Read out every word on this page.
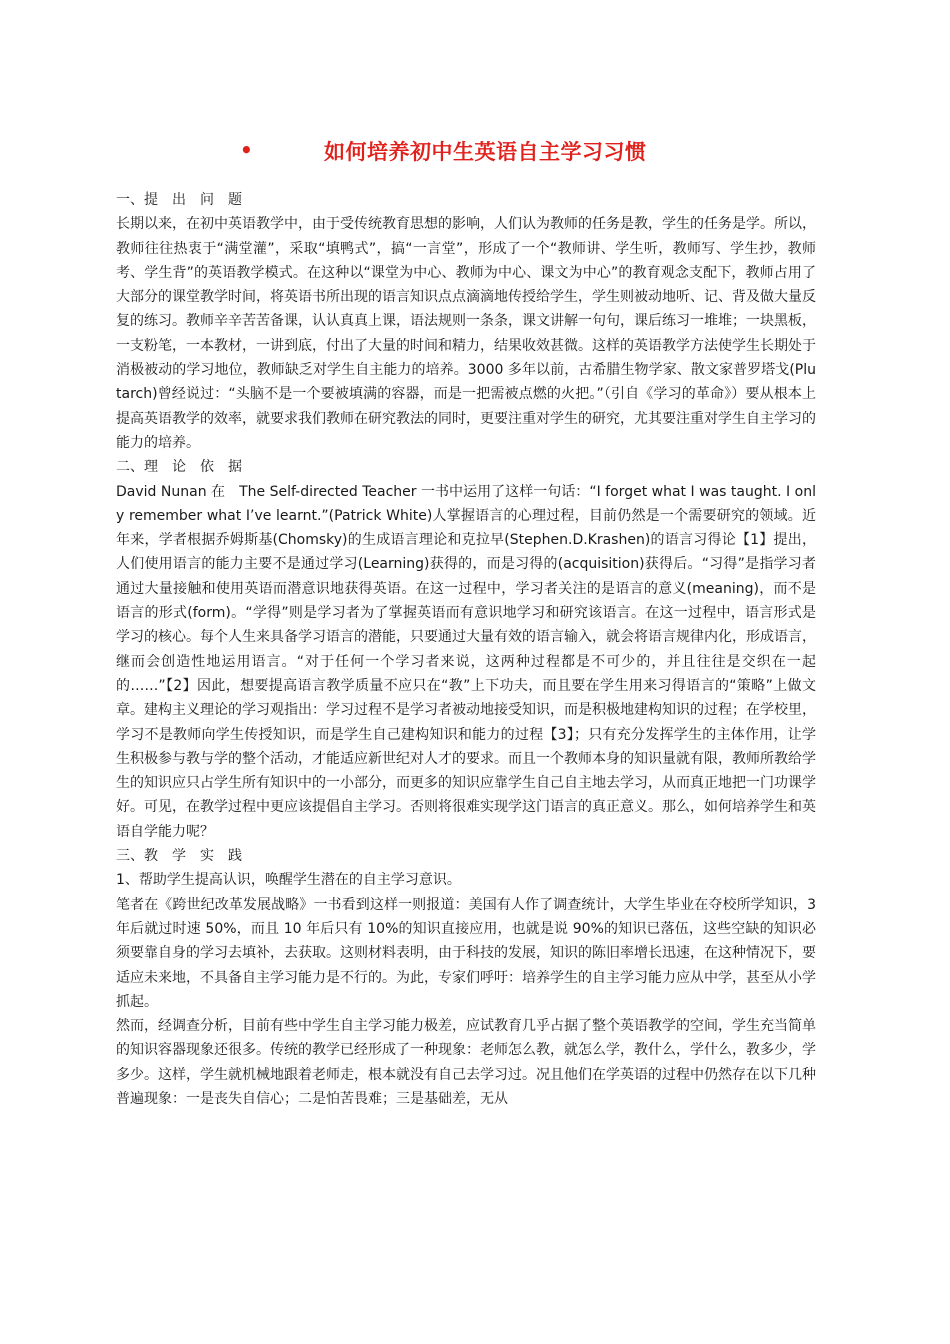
•	如何培养初中生英语自主学习习惯

一、提　出　问　题

长期以来，在初中英语教学中，由于受传统教育思想的影响，人们认为教师的任务是教，学生的任务是学。所以，教师往往热衷于“满堂灌”，采取“填鸭式”，搞“一言堂”，形成了一个“教师讲、学生听，教师写、学生抄，教师考、学生背”的英语教学模式。在这种以“课堂为中心、教师为中心、课文为中心”的教育观念支配下，教师占用了大部分的课堂教学时间，将英语书所出现的语言知识点点滴滴地传授给学生，学生则被动地听、记、背及做大量反复的练习。教师辛辛苦苦备课，认认真真上课，语法规则一条条，课文讲解一句句，课后练习一堆堆；一块黑板，一支粉笔，一本教材，一讲到底，付出了大量的时间和精力，结果收效甚微。这样的英语教学方法使学生长期处于消极被动的学习地位，教师缺乏对学生自主能力的培养。3000 多年以前，古希腊生物学家、散文家普罗塔戈(Plutarch)曾经说过：“头脑不是一个要被填满的容器，而是一把需被点燃的火把。”（引自《学习的革命》）要从根本上提高英语教学的效率，就要求我们教师在研究教法的同时，更要注重对学生的研究，尤其要注重对学生自主学习的能力的培养。

二、理　论　依　据

David Nunan 在　The Self-directed Teacher 一书中运用了这样一句话：“I forget what I was taught. I only remember what I’ve learnt.”(Patrick White)人掌握语言的心理过程，目前仍然是一个需要研究的领域。近年来，学者根据乔姆斯基(Chomsky)的生成语言理论和克拉早(Stephen.D.Krashen)的语言习得论【1】提出，人们使用语言的能力主要不是通过学习(Learning)获得的，而是习得的(acquisition)获得后。“习得”是指学习者通过大量接触和使用英语而潜意识地获得英语。在这一过程中，学习者关注的是语言的意义(meaning)，而不是语言的形式(form)。“学得”则是学习者为了掌握英语而有意识地学习和研究该语言。在这一过程中，语言形式是学习的核心。每个人生来具备学习语言的潜能，只要通过大量有效的语言输入，就会将语言规律内化，形成语言，继而会创造性地运用语言。“对于任何一个学习者来说，这两种过程都是不可少的，并且往往是交织在一起的……”【2】因此，想要提高语言教学质量不应只在“教”上下功夫，而且要在学生用来习得语言的“策略”上做文章。建构主义理论的学习观指出：学习过程不是学习者被动地接受知识，而是积极地建构知识的过程；在学校里，学习不是教师向学生传授知识，而是学生自己建构知识和能力的过程【3】；只有充分发挥学生的主体作用，让学生积极参与教与学的整个活动，才能适应新世纪对人才的要求。而且一个教师本身的知识量就有限，教师所教给学生的知识应只占学生所有知识中的一小部分，而更多的知识应靠学生自己自主地去学习，从而真正地把一门功课学好。可见，在教学过程中更应该提倡自主学习。否则将很难实现学这门语言的真正意义。那么，如何培养学生和英语自学能力呢？

三、教　学　实　践

1、帮助学生提高认识，唤醒学生潜在的自主学习意识。

笔者在《跨世纪改革发展战略》一书看到这样一则报道：美国有人作了调查统计，大学生毕业在夺校所学知识，3 年后就过时速 50%，而且 10 年后只有 10%的知识直接应用，也就是说 90%的知识已落伍，这些空缺的知识必须要靠自身的学习去填补，去获取。这则材料表明，由于科技的发展，知识的陈旧率增长迅速，在这种情况下，要适应未来地，不具备自主学习能力是不行的。为此，专家们呼吁：培养学生的自主学习能力应从中学，甚至从小学抓起。

然而，经调查分析，目前有些中学生自主学习能力极差，应试教育几乎占据了整个英语教学的空间，学生充当简单的知识容器现象还很多。传统的教学已经形成了一种现象：老师怎么教，就怎么学，教什么，学什么，教多少，学多少。这样，学生就机械地跟着老师走，根本就没有自己去学习过。况且他们在学英语的过程中仍然存在以下几种普遍现象：一是丧失自信心；二是怕苦畏难；三是基础差，无从
